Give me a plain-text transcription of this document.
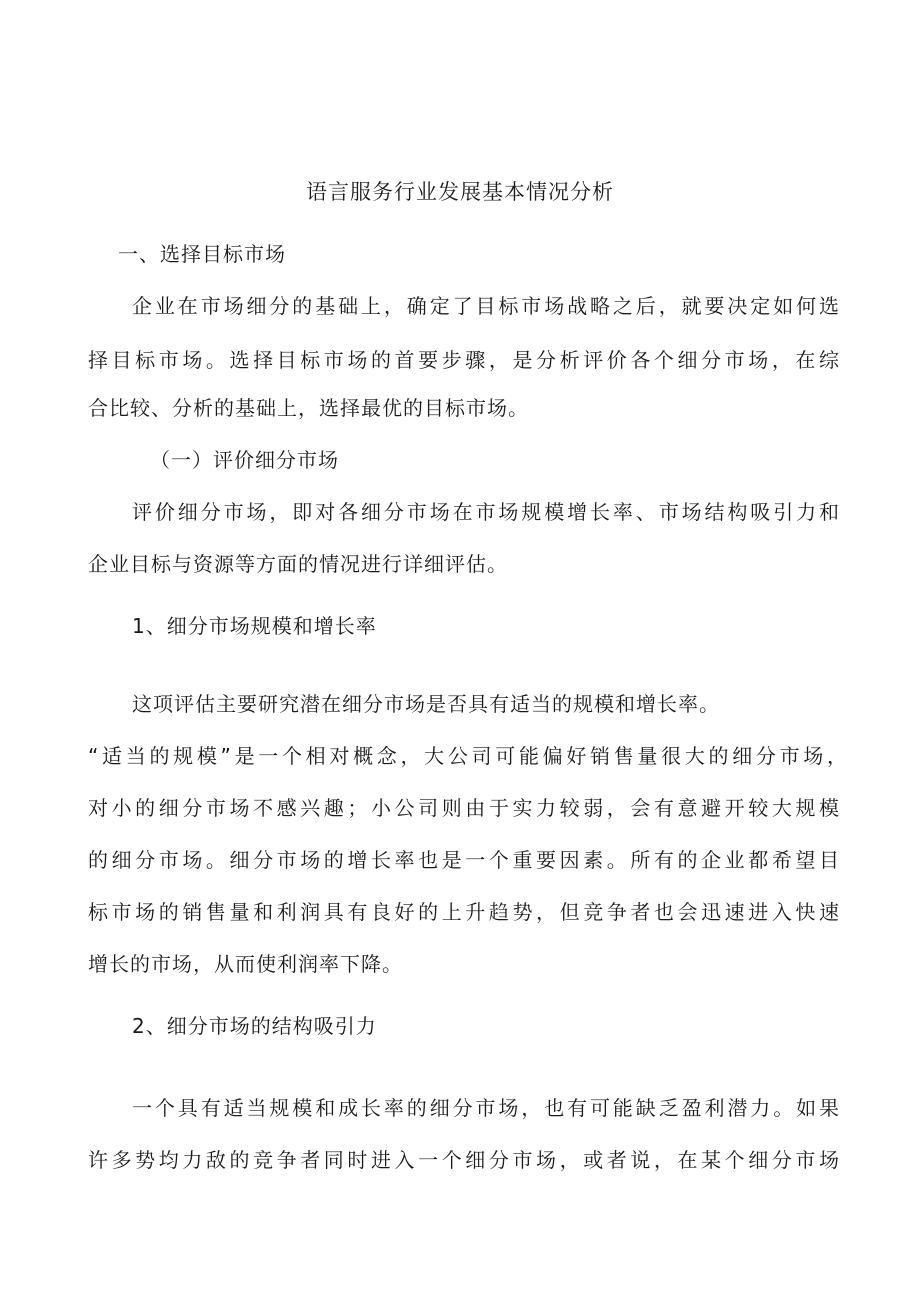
语言服务行业发展基本情况分析
一、选择目标市场
企业在市场细分的基础上，确定了目标市场战略之后，就要决定如何选
择目标市场。选择目标市场的首要步骤，是分析评价各个细分市场，在综
合比较、分析的基础上，选择最优的目标市场。
（一）评价细分市场
评价细分市场，即对各细分市场在市场规模增长率、市场结构吸引力和
企业目标与资源等方面的情况进行详细评估。
1、细分市场规模和增长率
这项评估主要研究潜在细分市场是否具有适当的规模和增长率。
“适当的规模”是一个相对概念，大公司可能偏好销售量很大的细分市场，
对小的细分市场不感兴趣；小公司则由于实力较弱，会有意避开较大规模
的细分市场。细分市场的增长率也是一个重要因素。所有的企业都希望目
标市场的销售量和利润具有良好的上升趋势，但竞争者也会迅速进入快速
增长的市场，从而使利润率下降。
2、细分市场的结构吸引力
一个具有适当规模和成长率的细分市场，也有可能缺乏盈利潜力。如果
许多势均力敌的竞争者同时进入一个细分市场，或者说，在某个细分市场
